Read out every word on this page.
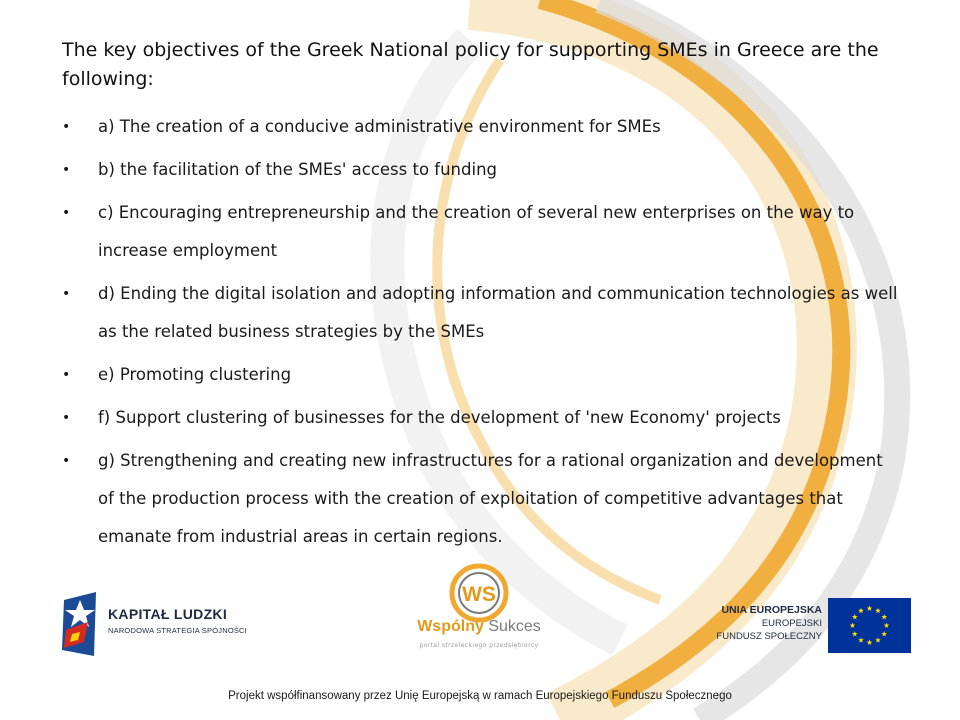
The key objectives of the Greek National policy for supporting SMEs in Greece are the following:
• a) The creation of a conducive administrative environment for SMEs
• b) the facilitation of the SMEs' access to funding
• c) Encouraging entrepreneurship and the creation of several new enterprises on the way to increase employment
• d) Ending the digital isolation and adopting information and communication technologies as well as the related business strategies by the SMEs
• e) Promoting clustering
• f) Support clustering of businesses for the development of 'new Economy' projects
• g) Strengthening and creating new infrastructures for a rational organization and development of the production process with the creation of exploitation of competitive advantages that emanate from industrial areas in certain regions.
KAPITAŁ LUDZKI
NARODOWA STRATEGIA SPÓJNOŚCI
WS
Wspólny Sukces
portal strzeleckiego przedsiębiorcy
UNIA EUROPEJSKA
EUROPEJSKI
FUNDUSZ SPOŁECZNY
Projekt współfinansowany przez Unię Europejską w ramach Europejskiego Funduszu Społecznego
